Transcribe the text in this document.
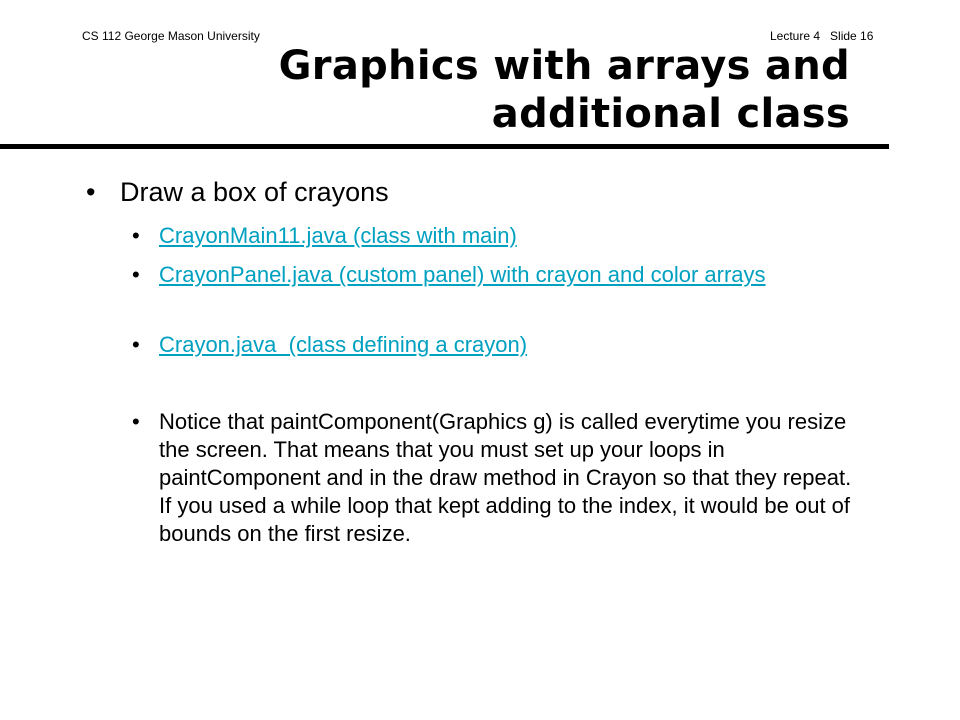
CS 112 George Mason University	Lecture 4   Slide 16
Graphics with arrays and
additional class
• Draw a box of crayons
• CrayonMain11.java (class with main)
• CrayonPanel.java (custom panel) with crayon and color arrays
• Crayon.java  (class defining a crayon)
• Notice that paintComponent(Graphics g) is called everytime you resize the screen. That means that you must set up your loops in paintComponent and in the draw method in Crayon so that they repeat. If you used a while loop that kept adding to the index, it would be out of bounds on the first resize.
